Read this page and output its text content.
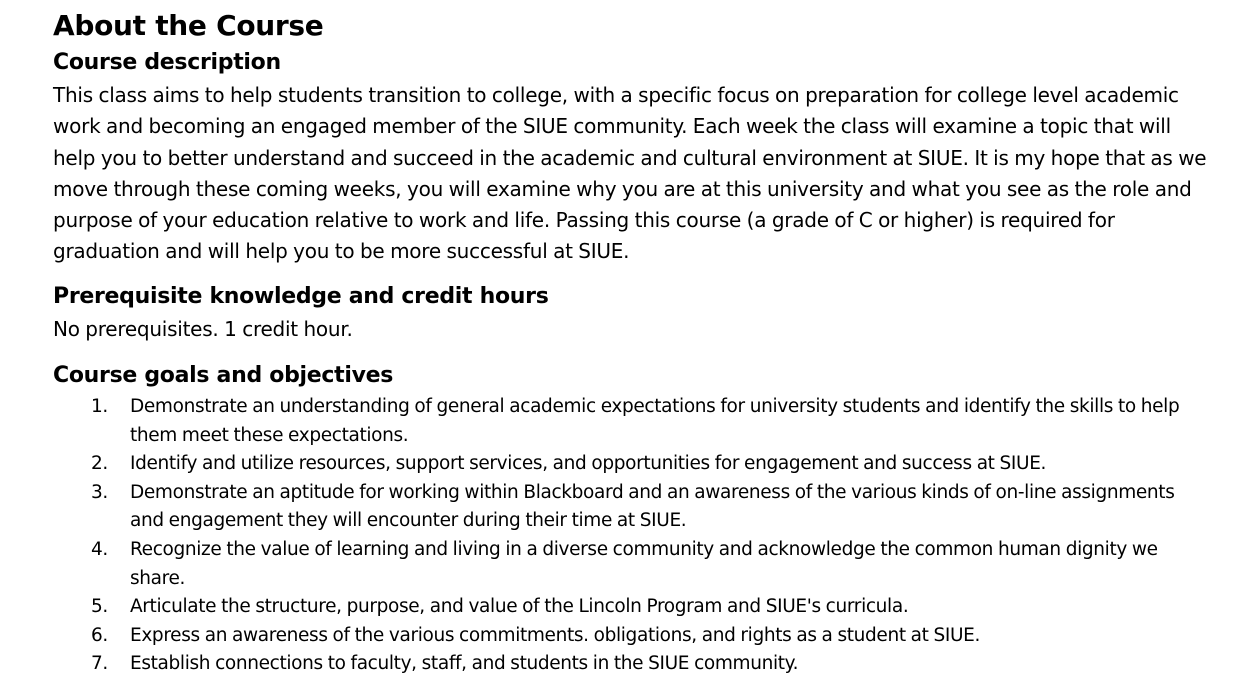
About the Course
Course description

This class aims to help students transition to college, with a specific focus on preparation for college level academic work and becoming an engaged member of the SIUE community. Each week the class will examine a topic that will help you to better understand and succeed in the academic and cultural environment at SIUE. It is my hope that as we move through these coming weeks, you will examine why you are at this university and what you see as the role and purpose of your education relative to work and life. Passing this course (a grade of C or higher) is required for graduation and will help you to be more successful at SIUE.

Prerequisite knowledge and credit hours

No prerequisites. 1 credit hour.

Course goals and objectives
1. Demonstrate an understanding of general academic expectations for university students and identify the skills to help them meet these expectations.
2. Identify and utilize resources, support services, and opportunities for engagement and success at SIUE.
3. Demonstrate an aptitude for working within Blackboard and an awareness of the various kinds of on-line assignments and engagement they will encounter during their time at SIUE.
4. Recognize the value of learning and living in a diverse community and acknowledge the common human dignity we share.
5. Articulate the structure, purpose, and value of the Lincoln Program and SIUE's curricula.
6. Express an awareness of the various commitments. obligations, and rights as a student at SIUE.
7. Establish connections to faculty, staff, and students in the SIUE community.
